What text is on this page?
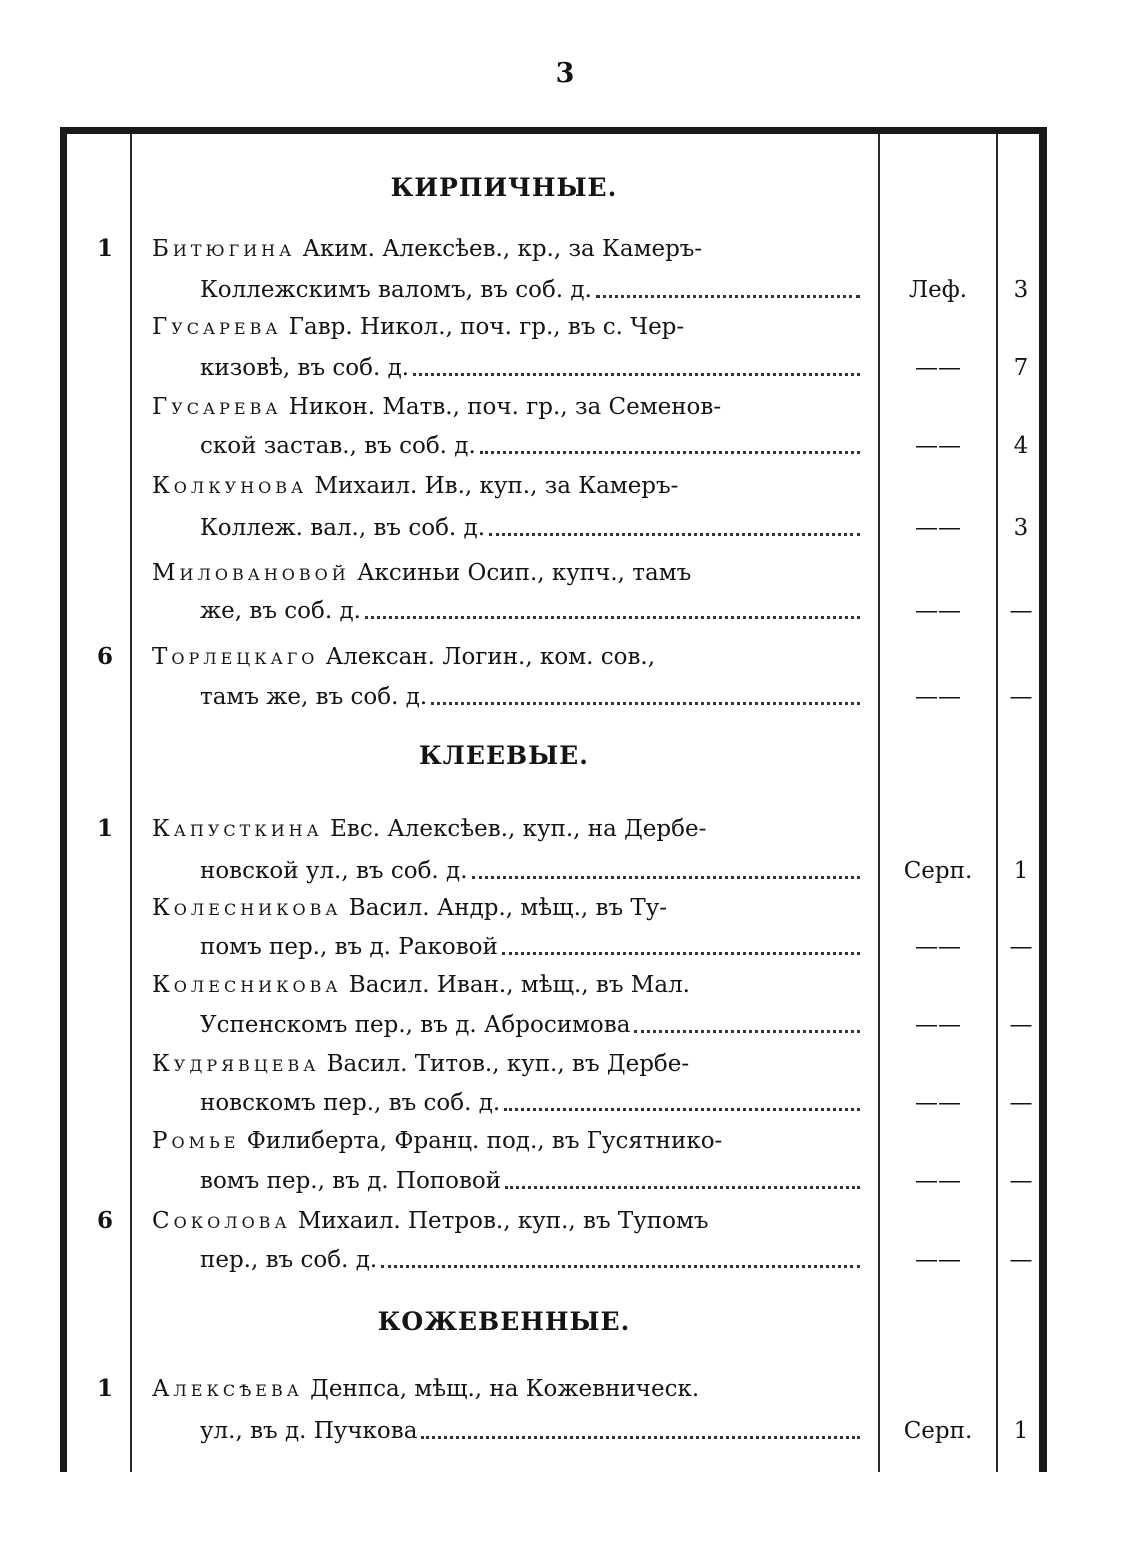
3
КИРПИЧНЫЕ.
1	Битюгина Аким. Алексѣев., кр., за Камеръ-
Коллежскимъ валомъ, въ соб. д.	Леф.	3
Гусарева Гавр. Никол., поч. гр., въ с. Чер-
кизовѣ, въ соб. д.	——	7
Гусарева Никон. Матв., поч. гр., за Семенов-
ской застав., въ соб. д.	——	4
Колкунова Михаил. Ив., куп., за Камеръ-
Коллеж. вал., въ соб. д.	——	3
Миловановой Аксиньи Осип., купч., тамъ
же, въ соб. д.	——	—
6	Торлецкаго Алексан. Логин., ком. сов.,
тамъ же, въ соб. д.	——	—
КЛЕЕВЫЕ.
1	Капусткина Евс. Алексѣев., куп., на Дербе-
новской ул., въ соб. д.	Серп.	1
Колесникова Васил. Андр., мѣщ., въ Ту-
помъ пер., въ д. Раковой	——	—
Колесникова Васил. Иван., мѣщ., въ Мал.
Успенскомъ пер., въ д. Абросимова	——	—
Кудрявцева Васил. Титов., куп., въ Дербе-
новскомъ пер., въ соб. д.	——	—
Ромье Филиберта, Франц. под., въ Гусятнико-
вомъ пер., въ д. Поповой	——	—
6	Соколова Михаил. Петров., куп., въ Тупомъ
пер., въ соб. д.	——	—
КОЖЕВЕННЫЕ.
1	Алексѣева Денпса, мѣщ., на Кожевническ.
ул., въ д. Пучкова	Серп.	1
